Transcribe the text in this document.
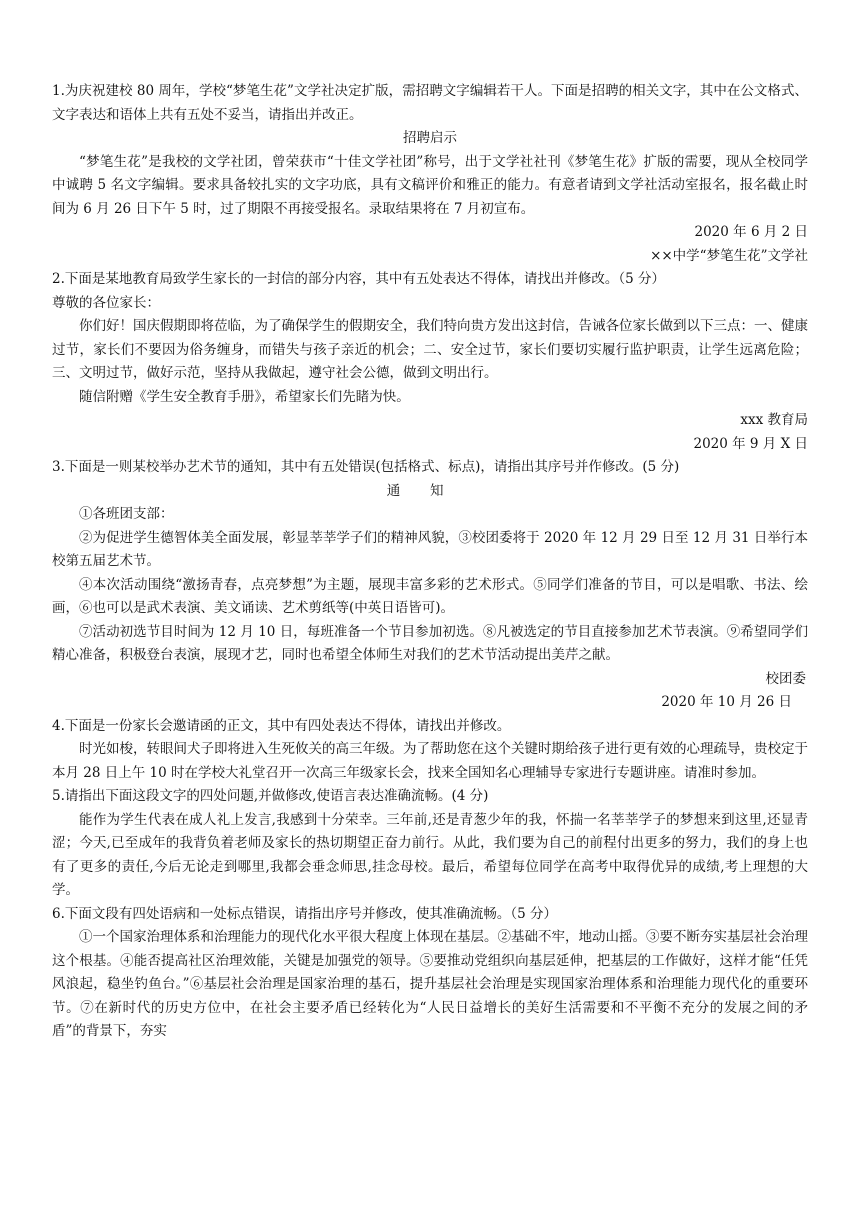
1.为庆祝建校 80 周年，学校“梦笔生花”文学社决定扩版，需招聘文字编辑若干人。下面是招聘的相关文字，其中在公文格式、文字表达和语体上共有五处不妥当，请指出并改正。

招聘启示

“梦笔生花”是我校的文学社团，曾荣获市“十佳文学社团”称号，出于文学社社刊《梦笔生花》扩版的需要，现从全校同学中诚聘 5 名文字编辑。要求具备较扎实的文字功底，具有文稿评价和雅正的能力。有意者请到文学社活动室报名，报名截止时间为 6 月 26 日下午 5 时，过了期限不再接受报名。录取结果将在 7 月初宣布。

2020 年 6 月 2 日

××中学“梦笔生花”文学社

2.下面是某地教育局致学生家长的一封信的部分内容，其中有五处表达不得体，请找出并修改。（5 分）

尊敬的各位家长：

你们好！国庆假期即将莅临，为了确保学生的假期安全，我们特向贵方发出这封信，告诫各位家长做到以下三点：一、健康过节，家长们不要因为俗务缠身，而错失与孩子亲近的机会；二、安全过节，家长们要切实履行监护职责，让学生远离危险；三、文明过节，做好示范，坚持从我做起，遵守社会公德，做到文明出行。

随信附赠《学生安全教育手册》，希望家长们先睹为快。

xxx 教育局

2020 年 9 月 X 日

3.下面是一则某校举办艺术节的通知，其中有五处错误(包括格式、标点)，请指出其序号并作修改。(5 分)

通知

①各班团支部：

②为促进学生德智体美全面发展，彰显莘莘学子们的精神风貌，③校团委将于 2020 年 12 月 29 日至 12 月 31 日举行本校第五届艺术节。

④本次活动围绕“激扬青春，点亮梦想”为主题，展现丰富多彩的艺术形式。⑤同学们准备的节目，可以是唱歌、书法、绘画，⑥也可以是武术表演、美文诵读、艺术剪纸等(中英日语皆可)。

⑦活动初选节目时间为 12 月 10 日，每班准备一个节目参加初选。⑧凡被选定的节目直接参加艺术节表演。⑨希望同学们精心准备，积极登台表演，展现才艺，同时也希望全体师生对我们的艺术节活动提出美芹之献。

校团委

2020 年 10 月 26 日

4.下面是一份家长会邀请函的正文，其中有四处表达不得体，请找出并修改。

时光如梭，转眼间犬子即将进入生死攸关的高三年级。为了帮助您在这个关键时期给孩子进行更有效的心理疏导，贵校定于本月 28 日上午 10 时在学校大礼堂召开一次高三年级家长会，找来全国知名心理辅导专家进行专题讲座。请准时参加。

5.请指出下面这段文字的四处问题,并做修改,使语言表达准确流畅。(4 分)

能作为学生代表在成人礼上发言,我感到十分荣幸。三年前,还是青葱少年的我，怀揣一名莘莘学子的梦想来到这里,还显青涩；今天,已至成年的我背负着老师及家长的热切期望正奋力前行。从此，我们要为自己的前程付出更多的努力，我们的身上也有了更多的责任,今后无论走到哪里,我都会垂念师思,挂念母校。最后，希望每位同学在高考中取得优异的成绩,考上理想的大学。

6.下面文段有四处语病和一处标点错误，请指出序号并修改，使其准确流畅。（5 分）

①一个国家治理体系和治理能力的现代化水平很大程度上体现在基层。②基础不牢，地动山摇。③要不断夯实基层社会治理这个根基。④能否提高社区治理效能，关键是加强党的领导。⑤要推动党组织向基层延伸，把基层的工作做好，这样才能“任凭风浪起，稳坐钓鱼台。”⑥基层社会治理是国家治理的基石，提升基层社会治理是实现国家治理体系和治理能力现代化的重要环节。⑦在新时代的历史方位中，在社会主要矛盾已经转化为“人民日益增长的美好生活需要和不平衡不充分的发展之间的矛盾”的背景下，夯实
